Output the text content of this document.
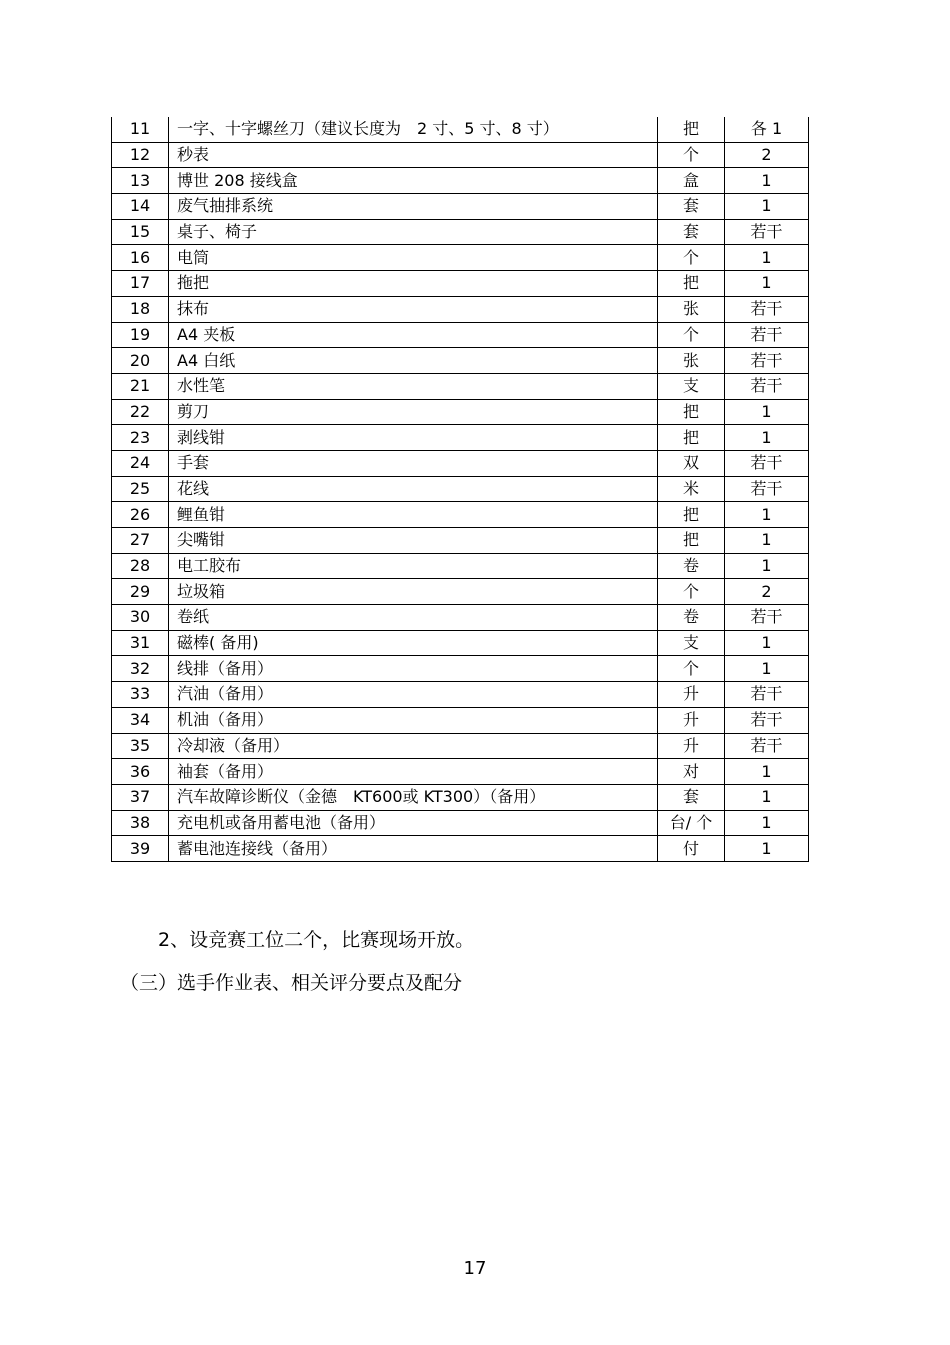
11	一字、十字螺丝刀（建议长度为　2 寸、5 寸、8 寸）	把	各 1
12	秒表	个	2
13	博世 208 接线盒	盒	1
14	废气抽排系统	套	1
15	桌子、椅子	套	若干
16	电筒	个	1
17	拖把	把	1
18	抹布	张	若干
19	A4 夹板	个	若干
20	A4 白纸	张	若干
21	水性笔	支	若干
22	剪刀	把	1
23	剥线钳	把	1
24	手套	双	若干
25	花线	米	若干
26	鲤鱼钳	把	1
27	尖嘴钳	把	1
28	电工胶布	卷	1
29	垃圾箱	个	2
30	卷纸	卷	若干
31	磁棒( 备用)	支	1
32	线排（备用）	个	1
33	汽油（备用）	升	若干
34	机油（备用）	升	若干
35	冷却液（备用）	升	若干
36	袖套（备用）	对	1
37	汽车故障诊断仪（金德　KT600或 KT300）（备用）	套	1
38	充电机或备用蓄电池（备用）	台/ 个	1
39	蓄电池连接线（备用）	付	1
2、设竞赛工位二个，比赛现场开放。
（三）选手作业表、相关评分要点及配分
17
